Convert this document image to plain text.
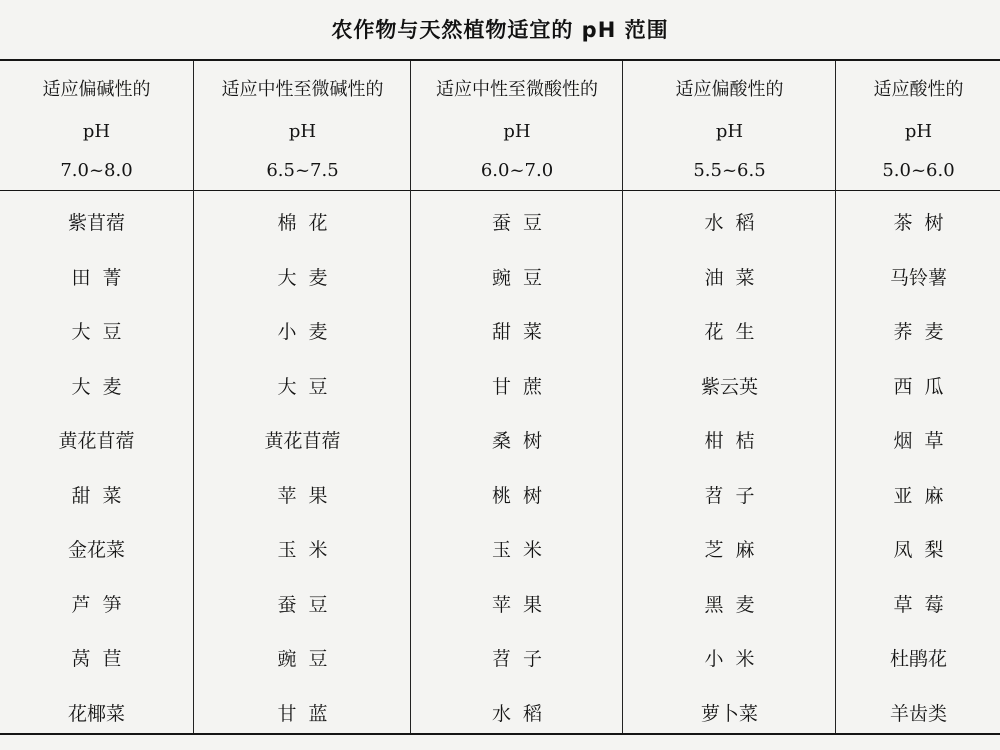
农作物与天然植物适宜的 pH 范围
适应偏碱性的
pH
7.0~8.0
紫苜蓿
田  菁
大  豆
大  麦
黄花苜蓿
甜  菜
金花菜
芦  笋
莴  苣
花椰菜
适应中性至微碱性的
pH
6.5~7.5
棉  花
大  麦
小  麦
大  豆
黄花苜蓿
苹  果
玉  米
蚕  豆
豌  豆
甘  蓝
适应中性至微酸性的
pH
6.0~7.0
蚕  豆
豌  豆
甜  菜
甘  蔗
桑  树
桃  树
玉  米
苹  果
苕  子
水  稻
适应偏酸性的
pH
5.5~6.5
水  稻
油  菜
花  生
紫云英
柑  桔
苕  子
芝  麻
黑  麦
小  米
萝卜菜
适应酸性的
pH
5.0~6.0
茶  树
马铃薯
荞  麦
西  瓜
烟  草
亚  麻
凤  梨
草  莓
杜鹃花
羊齿类
